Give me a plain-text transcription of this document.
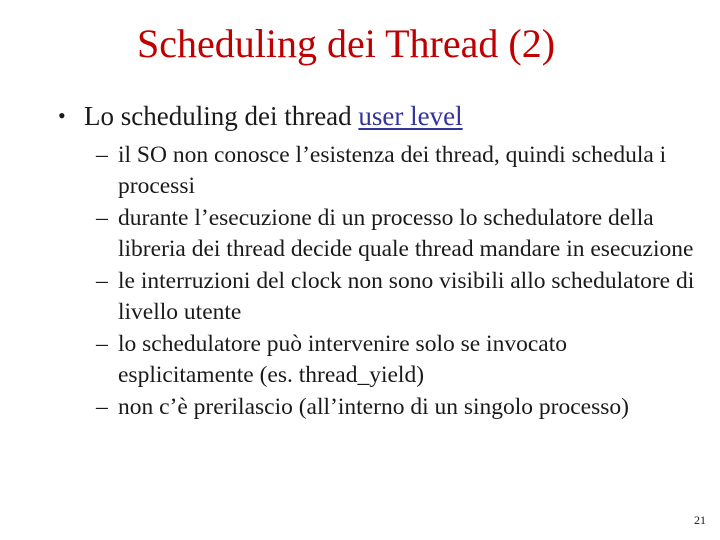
Scheduling dei Thread (2)
• Lo scheduling dei thread user level
– il SO non conosce l’esistenza dei thread, quindi schedula i processi
– durante l’esecuzione di un processo lo schedulatore della libreria dei thread decide quale thread mandare in esecuzione
– le interruzioni del clock non sono visibili allo schedulatore di livello utente
– lo schedulatore può intervenire solo se invocato esplicitamente (es. thread_yield)
– non c’è prerilascio (all’interno di un singolo processo)
21
